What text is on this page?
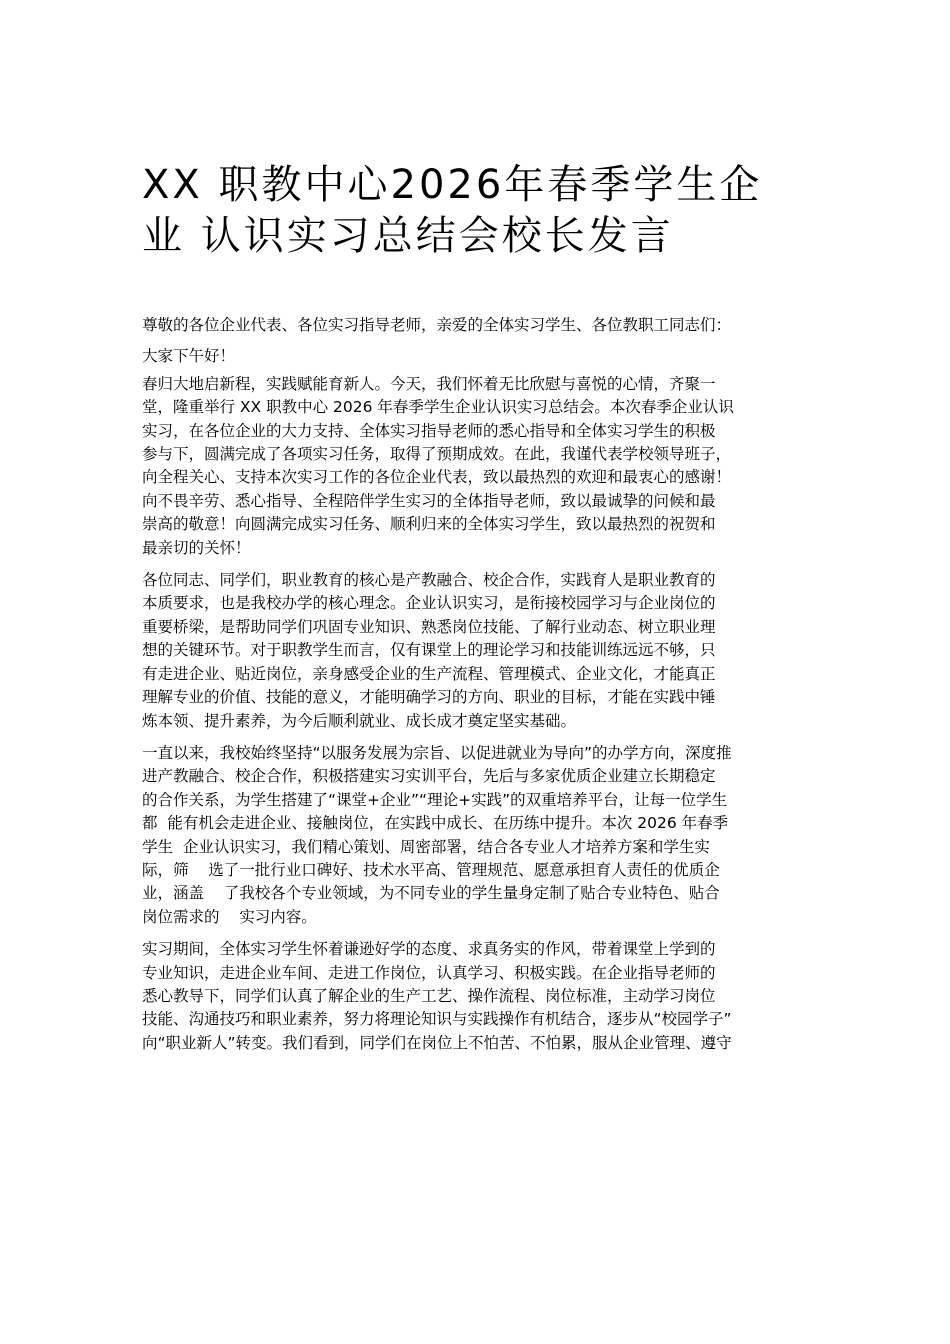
XX 职教中心2026年春季学生企
业 认识实习总结会校长发言

尊敬的各位企业代表、各位实习指导老师，亲爱的全体实习学生、各位教职工同志们：

大家下午好！

春归大地启新程，实践赋能育新人。今天，我们怀着无比欣慰与喜悦的心情，齐聚一
堂，隆重举行 XX 职教中心 2026 年春季学生企业认识实习总结会。本次春季企业认识
实习，在各位企业的大力支持、全体实习指导老师的悉心指导和全体实习学生的积极
参与下，圆满完成了各项实习任务，取得了预期成效。在此，我谨代表学校领导班子，
向全程关心、支持本次实习工作的各位企业代表，致以最热烈的欢迎和最衷心的感谢！
向不畏辛劳、悉心指导、全程陪伴学生实习的全体指导老师，致以最诚挚的问候和最
崇高的敬意！向圆满完成实习任务、顺利归来的全体实习学生，致以最热烈的祝贺和
最亲切的关怀！

各位同志、同学们，职业教育的核心是产教融合、校企合作，实践育人是职业教育的
本质要求，也是我校办学的核心理念。企业认识实习，是衔接校园学习与企业岗位的
重要桥梁，是帮助同学们巩固专业知识、熟悉岗位技能、了解行业动态、树立职业理
想的关键环节。对于职教学生而言，仅有课堂上的理论学习和技能训练远远不够，只
有走进企业、贴近岗位，亲身感受企业的生产流程、管理模式、企业文化，才能真正
理解专业的价值、技能的意义，才能明确学习的方向、职业的目标，才能在实践中锤
炼本领、提升素养，为今后顺利就业、成长成才奠定坚实基础。

一直以来，我校始终坚持“以服务发展为宗旨、以促进就业为导向”的办学方向，深度推
进产教融合、校企合作，积极搭建实习实训平台，先后与多家优质企业建立长期稳定
的合作关系，为学生搭建了“课堂+企业”“理论+实践”的双重培养平台，让每一位学生
都  能有机会走进企业、接触岗位，在实践中成长、在历练中提升。本次 2026 年春季
学生  企业认识实习，我们精心策划、周密部署，结合各专业人才培养方案和学生实
际，筛    选了一批行业口碑好、技术水平高、管理规范、愿意承担育人责任的优质企
业，涵盖    了我校各个专业领域，为不同专业的学生量身定制了贴合专业特色、贴合
岗位需求的    实习内容。

实习期间，全体实习学生怀着谦逊好学的态度、求真务实的作风，带着课堂上学到的
专业知识，走进企业车间、走进工作岗位，认真学习、积极实践。在企业指导老师的
悉心教导下，同学们认真了解企业的生产工艺、操作流程、岗位标准，主动学习岗位
技能、沟通技巧和职业素养，努力将理论知识与实践操作有机结合，逐步从“校园学子”
向“职业新人”转变。我们看到，同学们在岗位上不怕苦、不怕累，服从企业管理、遵守
